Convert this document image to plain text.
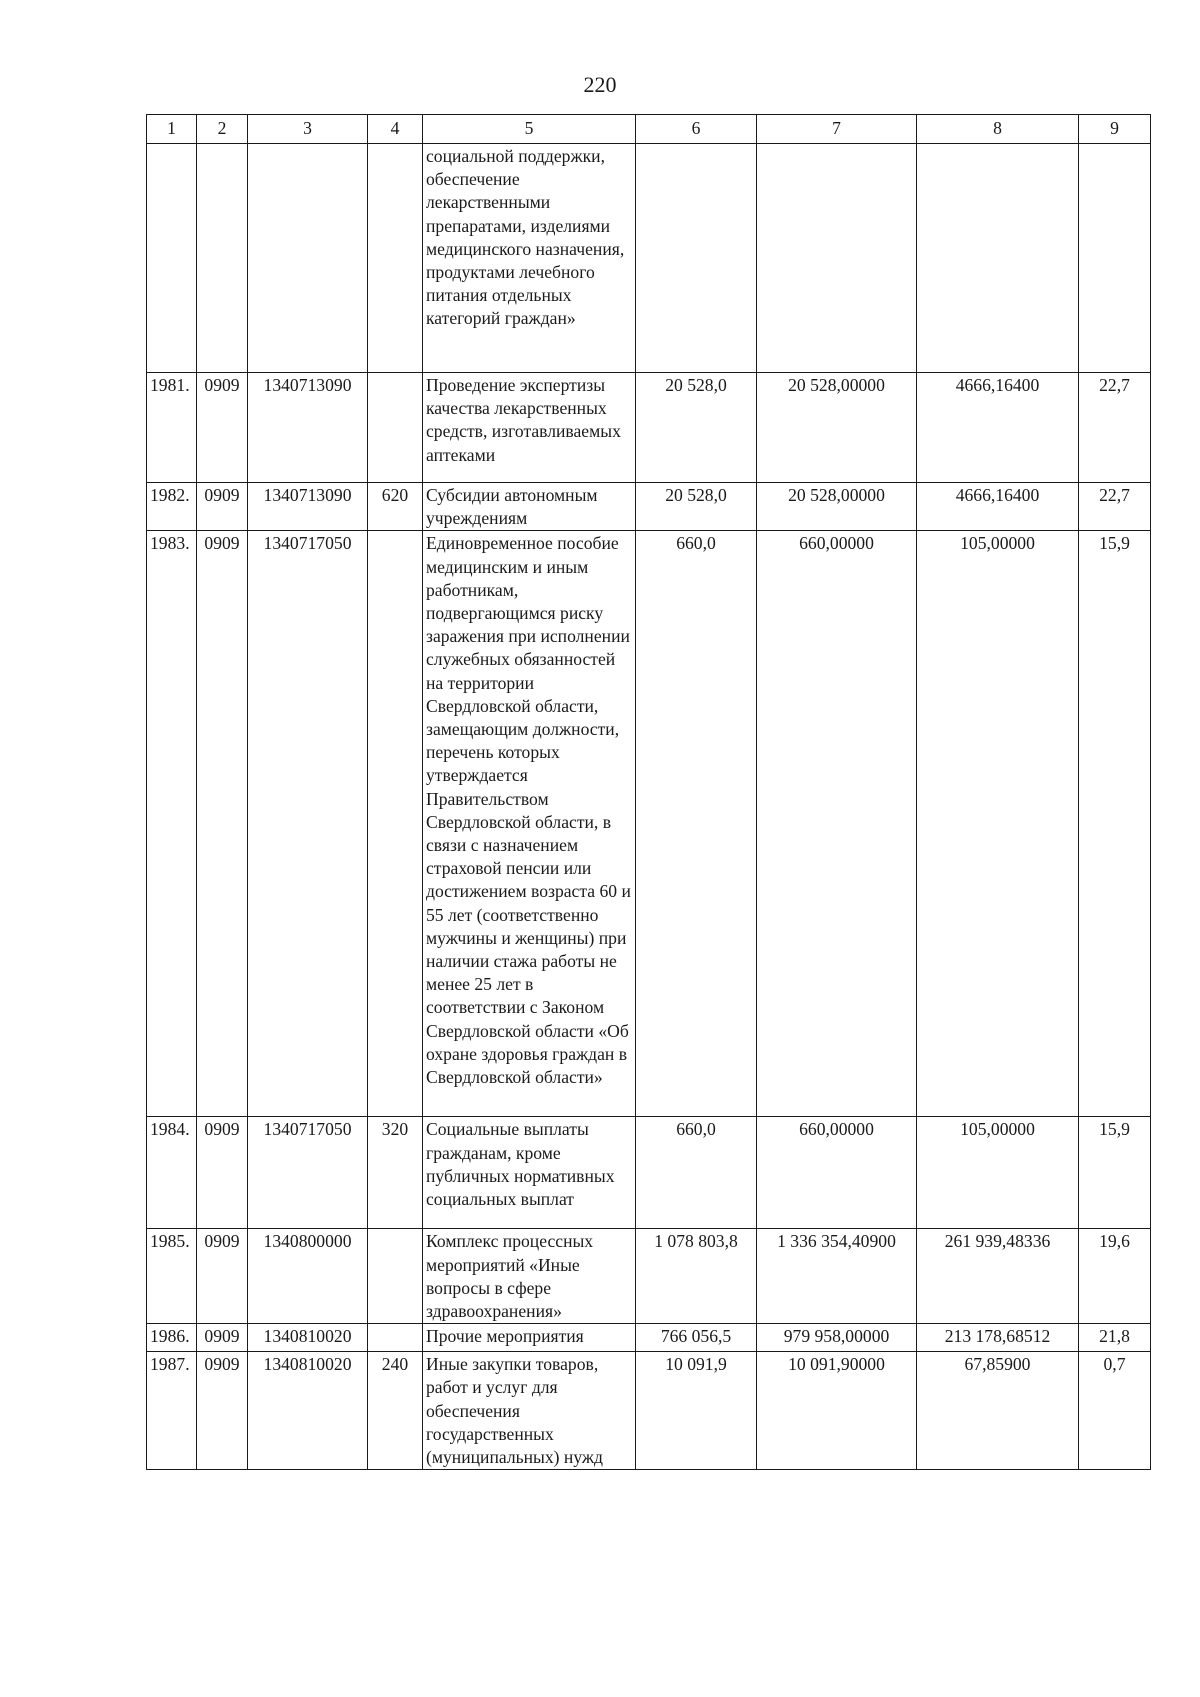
220
1	2	3	4	5	6	7	8	9
				социальной поддержки, обеспечение лекарственными препаратами, изделиями медицинского назначения, продуктами лечебного питания отдельных категорий граждан»				
1981.	0909	1340713090		Проведение экспертизы качества лекарственных средств, изготавливаемых аптеками	20 528,0	20 528,00000	4666,16400	22,7
1982.	0909	1340713090	620	Субсидии автономным учреждениям	20 528,0	20 528,00000	4666,16400	22,7
1983.	0909	1340717050		Единовременное пособие медицинским и иным работникам, подвергающимся риску заражения при исполнении служебных обязанностей на территории Свердловской области, замещающим должности, перечень которых утверждается Правительством Свердловской области, в связи с назначением страховой пенсии или достижением возраста 60 и 55 лет (соответственно мужчины и женщины) при наличии стажа работы не менее 25 лет в соответствии с Законом Свердловской области «Об охране здоровья граждан в Свердловской области»	660,0	660,00000	105,00000	15,9
1984.	0909	1340717050	320	Социальные выплаты гражданам, кроме публичных нормативных социальных выплат	660,0	660,00000	105,00000	15,9
1985.	0909	1340800000		Комплекс процессных мероприятий «Иные вопросы в сфере здравоохранения»	1 078 803,8	1 336 354,40900	261 939,48336	19,6
1986.	0909	1340810020		Прочие мероприятия	766 056,5	979 958,00000	213 178,68512	21,8
1987.	0909	1340810020	240	Иные закупки товаров, работ и услуг для обеспечения государственных (муниципальных) нужд	10 091,9	10 091,90000	67,85900	0,7
